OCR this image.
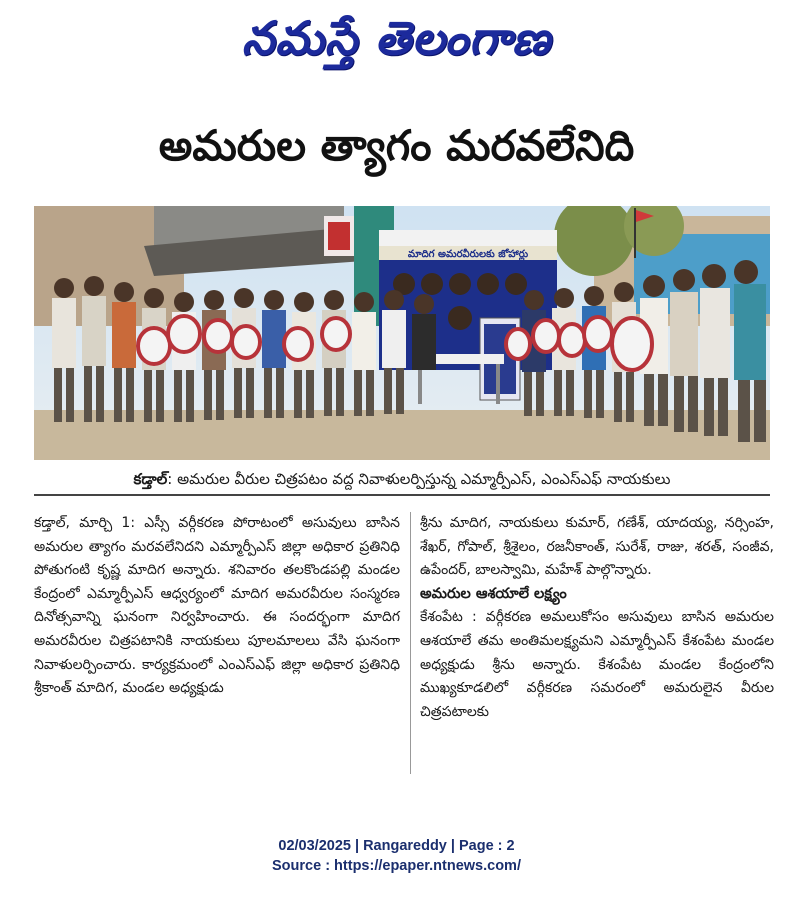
నమస్తే తెలంగాణ
అమరుల త్యాగం మరవలేనిది
మాదిగ అమరవీరులకు జోహార్లు
కడ్తాల్: అమరుల వీరుల చిత్రపటం వద్ద నివాళులర్పిస్తున్న ఎమ్మార్పీఎస్, ఎంఎస్ఎఫ్ నాయకులు

కడ్తాల్, మార్చి 1: ఎస్సీ వర్గీకరణ పోరాటంలో అసువులు బాసిన అమరుల త్యాగం మరవలేనిదని ఎమ్మార్పీఎస్ జిల్లా అధికార ప్రతినిధి పోతుగంటి కృష్ణ మాదిగ అన్నారు. శనివారం తలకొండపల్లి మండల కేంద్రంలో ఎమ్మార్పీఎస్ ఆధ్వర్యంలో మాదిగ అమరవీరుల సంస్మరణ దినోత్సవాన్ని ఘనంగా నిర్వహించారు. ఈ సందర్భంగా మాదిగ అమరవీరుల చిత్రపటానికి నాయకులు పూలమాలలు వేసి ఘనంగా నివాళులర్పించారు. కార్యక్రమంలో ఎంఎస్ఎఫ్ జిల్లా అధికార ప్రతినిధి శ్రీకాంత్ మాదిగ, మండల అధ్యక్షుడు

శ్రీను మాదిగ, నాయకులు కుమార్, గణేశ్, యాదయ్య, నర్సింహ, శేఖర్, గోపాల్, శ్రీశైలం, రజనీకాంత్, సురేశ్, రాజు, శరత్, సంజీవ, ఉపేందర్, బాలస్వామి, మహేశ్ పాల్గొన్నారు.

అమరుల ఆశయాలే లక్ష్యం

కేశంపేట : వర్గీకరణ అమలుకోసం అసువులు బాసిన అమరుల ఆశయాలే తమ అంతిమలక్ష్యమని ఎమ్మార్పీఎస్ కేశంపేట మండల అధ్యక్షుడు శ్రీను అన్నారు. కేశంపేట మండల కేంద్రంలోని ముఖ్యకూడలిలో వర్గీకరణ సమరంలో అమరులైన వీరుల చిత్రపటాలకు

02/03/2025 | Rangareddy | Page : 2
Source : https://epaper.ntnews.com/
